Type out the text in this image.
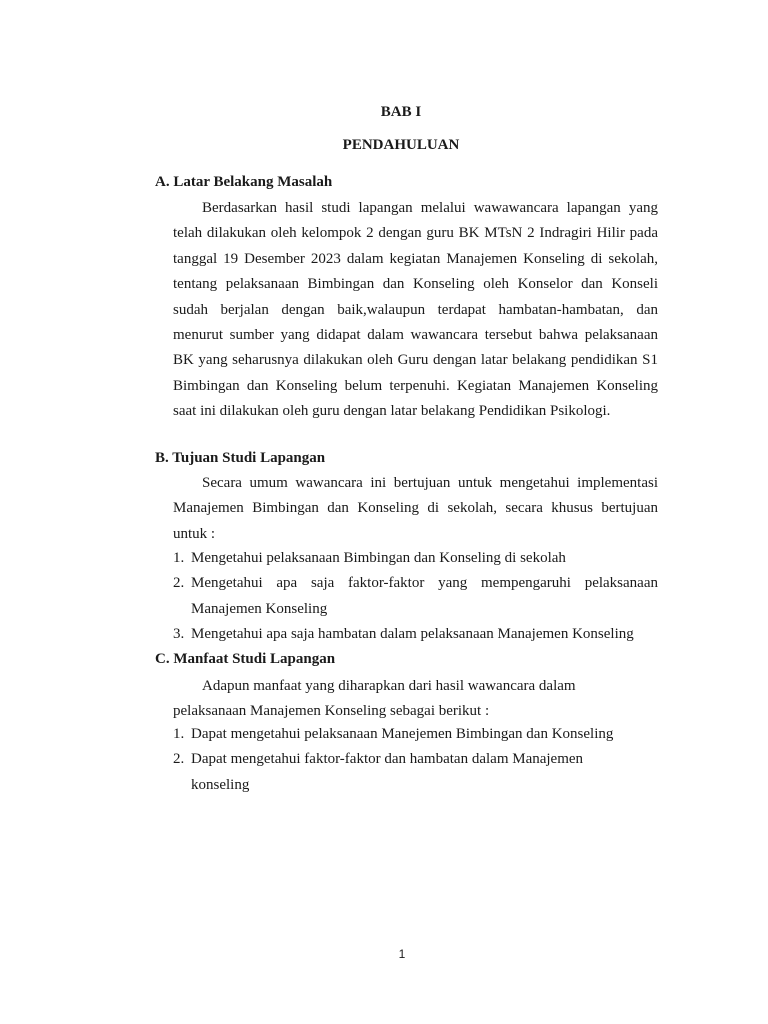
BAB I
PENDAHULUAN
A. Latar Belakang Masalah

Berdasarkan hasil studi lapangan melalui wawawancara lapangan yang telah dilakukan oleh kelompok 2 dengan guru BK MTsN 2 Indragiri Hilir pada tanggal 19 Desember 2023 dalam kegiatan Manajemen Konseling di sekolah, tentang pelaksanaan Bimbingan dan Konseling oleh Konselor dan Konseli sudah berjalan dengan baik,walaupun terdapat hambatan-hambatan, dan menurut sumber yang didapat dalam wawancara tersebut bahwa pelaksanaan BK yang seharusnya dilakukan oleh Guru dengan latar belakang pendidikan S1 Bimbingan dan Konseling belum terpenuhi. Kegiatan Manajemen Konseling saat ini dilakukan oleh guru dengan latar belakang Pendidikan Psikologi.

B. Tujuan Studi Lapangan

Secara umum wawancara ini bertujuan untuk mengetahui implementasi Manajemen Bimbingan dan Konseling di sekolah, secara khusus bertujuan untuk :

1. Mengetahui pelaksanaan Bimbingan dan Konseling di sekolah
2. Mengetahui apa saja faktor-faktor yang mempengaruhi pelaksanaan Manajemen Konseling
3. Mengetahui apa saja hambatan dalam pelaksanaan Manajemen Konseling
C. Manfaat Studi Lapangan

Adapun manfaat yang diharapkan dari hasil wawancara dalam pelaksanaan Manajemen Konseling sebagai berikut :

1. Dapat mengetahui pelaksanaan Manejemen Bimbingan dan Konseling
2. Dapat mengetahui faktor-faktor dan hambatan dalam Manajemen konseling
1
